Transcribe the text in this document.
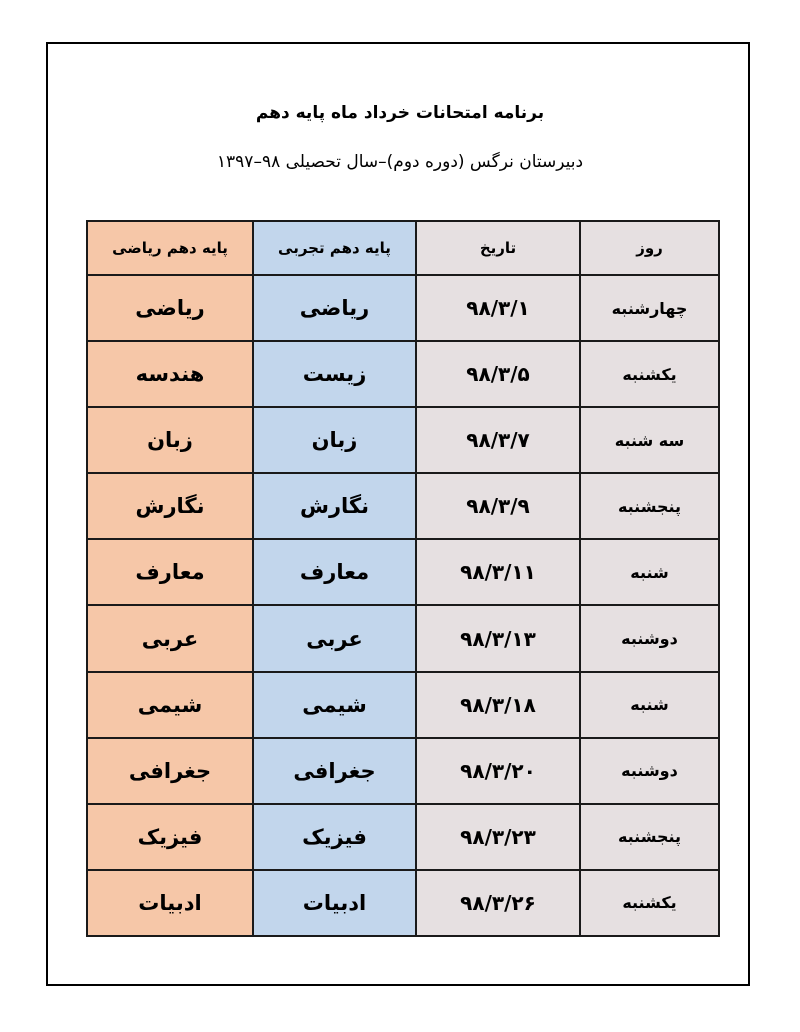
برنامه امتحانات خرداد ماه پایه دهم
دبیرستان نرگس (دوره دوم)–سال تحصیلی ۹۸–۱۳۹۷
روز	تاریخ	پایه دهم تجربی	پایه دهم ریاضی
چهارشنبه	۹۸/۳/۱	ریاضی	ریاضی
یکشنبه	۹۸/۳/۵	زیست	هندسه
سه شنبه	۹۸/۳/۷	زبان	زبان
پنجشنبه	۹۸/۳/۹	نگارش	نگارش
شنبه	۹۸/۳/۱۱	معارف	معارف
دوشنبه	۹۸/۳/۱۳	عربی	عربی
شنبه	۹۸/۳/۱۸	شیمی	شیمی
دوشنبه	۹۸/۳/۲۰	جغرافی	جغرافی
پنجشنبه	۹۸/۳/۲۳	فیزیک	فیزیک
یکشنبه	۹۸/۳/۲۶	ادبیات	ادبیات
